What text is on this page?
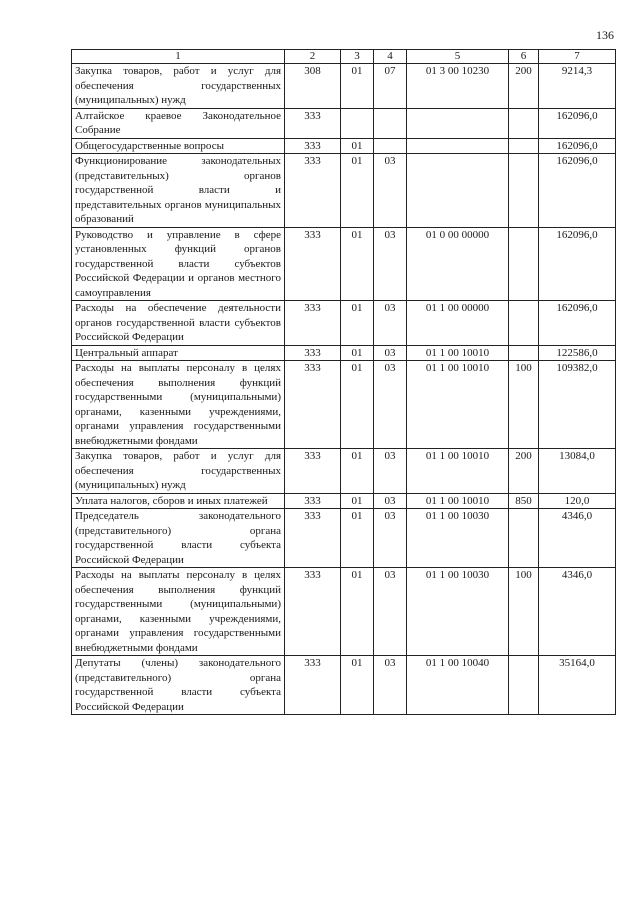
136
1	2	3	4	5	6	7
Закупка товаров, работ и услуг для обеспечения государственных (муниципальных) нужд	308	01	07	01 3 00 10230	200	9214,3
Алтайское краевое Законодательное Собрание	333					162096,0
Общегосударственные вопросы	333	01				162096,0
Функционирование законодательных (представительных) органов государственной власти и представительных органов муниципальных образований	333	01	03			162096,0
Руководство и управление в сфере установленных функций органов государственной власти субъектов Российской Федерации и органов местного самоуправления	333	01	03	01 0 00 00000		162096,0
Расходы на обеспечение деятельности органов государственной власти субъектов Российской Федерации	333	01	03	01 1 00 00000		162096,0
Центральный аппарат	333	01	03	01 1 00 10010		122586,0
Расходы на выплаты персоналу в целях обеспечения выполнения функций государственными (муниципальными) органами, казенными учреждениями, органами управления государственными внебюджетными фондами	333	01	03	01 1 00 10010	100	109382,0
Закупка товаров, работ и услуг для обеспечения государственных (муниципальных) нужд	333	01	03	01 1 00 10010	200	13084,0
Уплата налогов, сборов и иных платежей	333	01	03	01 1 00 10010	850	120,0
Председатель законодательного (представительного) органа государственной власти субъекта Российской Федерации	333	01	03	01 1 00 10030		4346,0
Расходы на выплаты персоналу в целях обеспечения выполнения функций государственными (муниципальными) органами, казенными учреждениями, органами управления государственными внебюджетными фондами	333	01	03	01 1 00 10030	100	4346,0
Депутаты (члены) законодательного (представительного) органа государственной власти субъекта Российской Федерации	333	01	03	01 1 00 10040		35164,0
